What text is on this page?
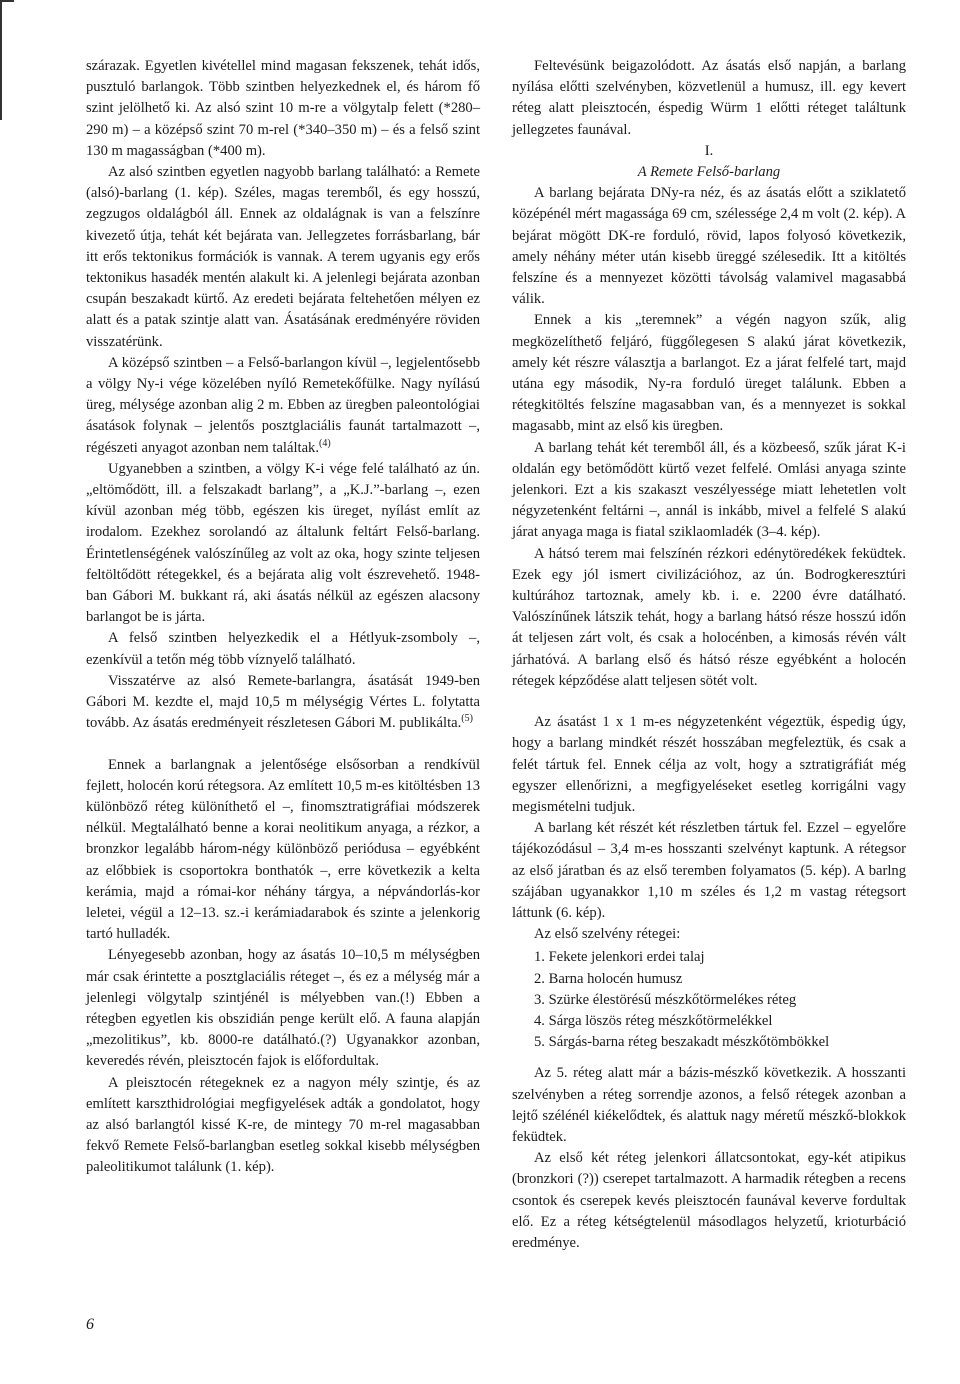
szárazak. Egyetlen kivétellel mind magasan fekszenek, tehát idős, pusztuló barlangok. Több szintben helyezkednek el, és három fő szint jelölhető ki. Az alsó szint 10 m-re a völgytalp felett (*280–290 m) – a középső szint 70 m-rel (*340–350 m) – és a felső szint 130 m magasságban (*400 m).

Az alsó szintben egyetlen nagyobb barlang található: a Remete (alsó)-barlang (1. kép). Széles, magas teremből, és egy hosszú, zegzugos oldalágból áll. Ennek az oldalágnak is van a felszínre kivezető útja, tehát két bejárata van. Jellegzetes forrásbarlang, bár itt erős tektonikus formációk is vannak. A terem ugyanis egy erős tektonikus hasadék mentén alakult ki. A jelenlegi bejárata azonban csupán beszakadt kürtő. Az eredeti bejárata feltehetően mélyen ez alatt és a patak szintje alatt van. Ásatásának eredményére röviden visszatérünk.

A középső szintben – a Felső-barlangon kívül –, legjelentősebb a völgy Ny-i vége közelében nyíló Remetekőfülke. Nagy nyílású üreg, mélysége azonban alig 2 m. Ebben az üregben paleontológiai ásatások folynak – jelentős posztglaciális faunát tartalmazott –, régészeti anyagot azonban nem találtak.$^{(4)}$

Ugyanebben a szintben, a völgy K-i vége felé található az ún. „eltömődött, ill. a felszakadt barlang”, a „K.J.”-barlang –, ezen kívül azonban még több, egészen kis üreget, nyílást említ az irodalom. Ezekhez sorolandó az általunk feltárt Felső-barlang. Érintetlenségének valószínűleg az volt az oka, hogy szinte teljesen feltöltődött rétegekkel, és a bejárata alig volt észrevehető. 1948-ban Gábori M. bukkant rá, aki ásatás nélkül az egészen alacsony barlangot be is járta.

A felső szintben helyezkedik el a Hétlyuk-zsomboly –, ezenkívül a tetőn még több víznyelő található.

Visszatérve az alsó Remete-barlangra, ásatását 1949-ben Gábori M. kezdte el, majd 10,5 m mélységig Vértes L. folytatta tovább. Az ásatás eredményeit részletesen Gábori M. publikálta.$^{(5)}$

Ennek a barlangnak a jelentősége elsősorban a rendkívül fejlett, holocén korú rétegsora. Az említett 10,5 m-es kitöltésben 13 különböző réteg különíthető el –, finomsztratigráfiai módszerek nélkül. Megtalálható benne a korai neolitikum anyaga, a rézkor, a bronzkor legalább három-négy különböző periódusa – egyébként az előbbiek is csoportokra bonthatók –, erre következik a kelta kerámia, majd a római-kor néhány tárgya, a népvándorlás-kor leletei, végül a 12–13. sz.-i kerámiadarabok és szinte a jelenkorig tartó hulladék.

Lényegesebb azonban, hogy az ásatás 10–10,5 m mélységben már csak érintette a posztglaciális réteget –, és ez a mélység már a jelenlegi völgytalp szintjénél is mélyebben van.(!) Ebben a rétegben egyetlen kis obszidián penge került elő. A fauna alapján „mezolitikus”, kb. 8000-re datálható.(?) Ugyanakkor azonban, keveredés révén, pleisztocén fajok is előfordultak.

A pleisztocén rétegeknek ez a nagyon mély szintje, és az említett karszthidrológiai megfigyelések adták a gondolatot, hogy az alsó barlangtól kissé K-re, de mintegy 70 m-rel magasabban fekvő Remete Felső-barlangban esetleg sokkal kisebb mélységben paleolitikumot találunk (1. kép).

Feltevésünk beigazolódott. Az ásatás első napján, a barlang nyílása előtti szelvényben, közvetlenül a humusz, ill. egy kevert réteg alatt pleisztocén, éspedig Würm 1 előtti réteget találtunk jellegzetes faunával.

I.

A Remete Felső-barlang

A barlang bejárata DNy-ra néz, és az ásatás előtt a sziklatető középénél mért magassága 69 cm, szélessége 2,4 m volt (2. kép). A bejárat mögött DK-re forduló, rövid, lapos folyosó következik, amely néhány méter után kisebb üreggé szélesedik. Itt a kitöltés felszíne és a mennyezet közötti távolság valamivel magasabbá válik.

Ennek a kis „teremnek” a végén nagyon szűk, alig megközelíthető feljáró, függőlegesen S alakú járat következik, amely két részre választja a barlangot. Ez a járat felfelé tart, majd utána egy második, Ny-ra forduló üreget találunk. Ebben a rétegkitöltés felszíne magasabban van, és a mennyezet is sokkal magasabb, mint az első kis üregben.

A barlang tehát két teremből áll, és a közbeeső, szűk járat K-i oldalán egy betömődött kürtő vezet felfelé. Omlási anyaga szinte jelenkori. Ezt a kis szakaszt veszélyessége miatt lehetetlen volt négyzetenként feltárni –, annál is inkább, mivel a felfelé S alakú járat anyaga maga is fiatal sziklaomladék (3–4. kép).

A hátsó terem mai felszínén rézkori edénytöredékek feküdtek. Ezek egy jól ismert civilizációhoz, az ún. Bodrogkeresztúri kultúrához tartoznak, amely kb. i. e. 2200 évre datálható. Valószínűnek látszik tehát, hogy a barlang hátsó része hosszú időn át teljesen zárt volt, és csak a holocénben, a kimosás révén vált járhatóvá. A barlang első és hátsó része egyébként a holocén rétegek képződése alatt teljesen sötét volt.

Az ásatást 1 x 1 m-es négyzetenként végeztük, éspedig úgy, hogy a barlang mindkét részét hosszában megfeleztük, és csak a felét tártuk fel. Ennek célja az volt, hogy a sztratigráfiát még egyszer ellenőrizni, a megfigyeléseket esetleg korrigálni vagy megismételni tudjuk.

A barlang két részét két részletben tártuk fel. Ezzel – egyelőre tájékozódásul – 3,4 m-es hosszanti szelvényt kaptunk. A rétegsor az első járatban és az első teremben folyamatos (5. kép). A barlng szájában ugyanakkor 1,10 m széles és 1,2 m vastag rétegsort láttunk (6. kép).

Az első szelvény rétegei:

1. Fekete jelenkori erdei talaj
2. Barna holocén humusz
3. Szürke élestörésű mészkőtörmelékes réteg
4. Sárga löszös réteg mészkőtörmelékkel
5. Sárgás-barna réteg beszakadt mészkőtömbökkel

Az 5. réteg alatt már a bázis-mészkő következik. A hosszanti szelvényben a réteg sorrendje azonos, a felső rétegek azonban a lejtő szélénél kiékelődtek, és alattuk nagy méretű mészkő-blokkok feküdtek.

Az első két réteg jelenkori állatcsontokat, egy-két atipikus (bronzkori (?)) cserepet tartalmazott. A harmadik rétegben a recens csontok és cserepek kevés pleisztocén faunával keverve fordultak elő. Ez a réteg kétségtelenül másodlagos helyzetű, krioturbáció eredménye.

6
